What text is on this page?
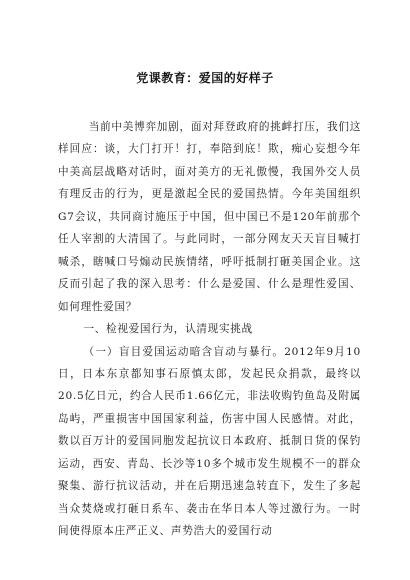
党课教育：爱国的好样子

当前中美博弈加剧，面对拜登政府的挑衅打压，我们这样回应：谈，大门打开！打，奉陪到底！欺，痴心妄想今年中美高层战略对话时，面对美方的无礼傲慢，我国外交人员有理反击的行为，更是激起全民的爱国热情。今年美国组织G7会议，共同商讨施压于中国，但中国已不是120年前那个任人宰割的大清国了。与此同时，一部分网友天天盲目喊打喊杀，瞎喊口号煽动民族情绪，呼吁抵制打砸美国企业。这反而引起了我的深入思考：什么是爱国、什么是理性爱国、如何理性爱国？

一、检视爱国行为，认清现实挑战

（一）盲目爱国运动暗含盲动与暴行。2012年9月10日，日本东京都知事石原慎太郎，发起民众捐款，最终以20.5亿日元，约合人民币1.66亿元，非法收购钓鱼岛及附属岛屿，严重损害中国国家利益，伤害中国人民感情。对此，数以百万计的爱国同胞发起抗议日本政府、抵制日货的保钓运动，西安、青岛、长沙等10多个城市发生规模不一的群众聚集、游行抗议活动，并在后期迅速急转直下，发生了多起当众焚烧或打砸日系车、袭击在华日本人等过激行为。一时间使得原本庄严正义、声势浩大的爱国行动
